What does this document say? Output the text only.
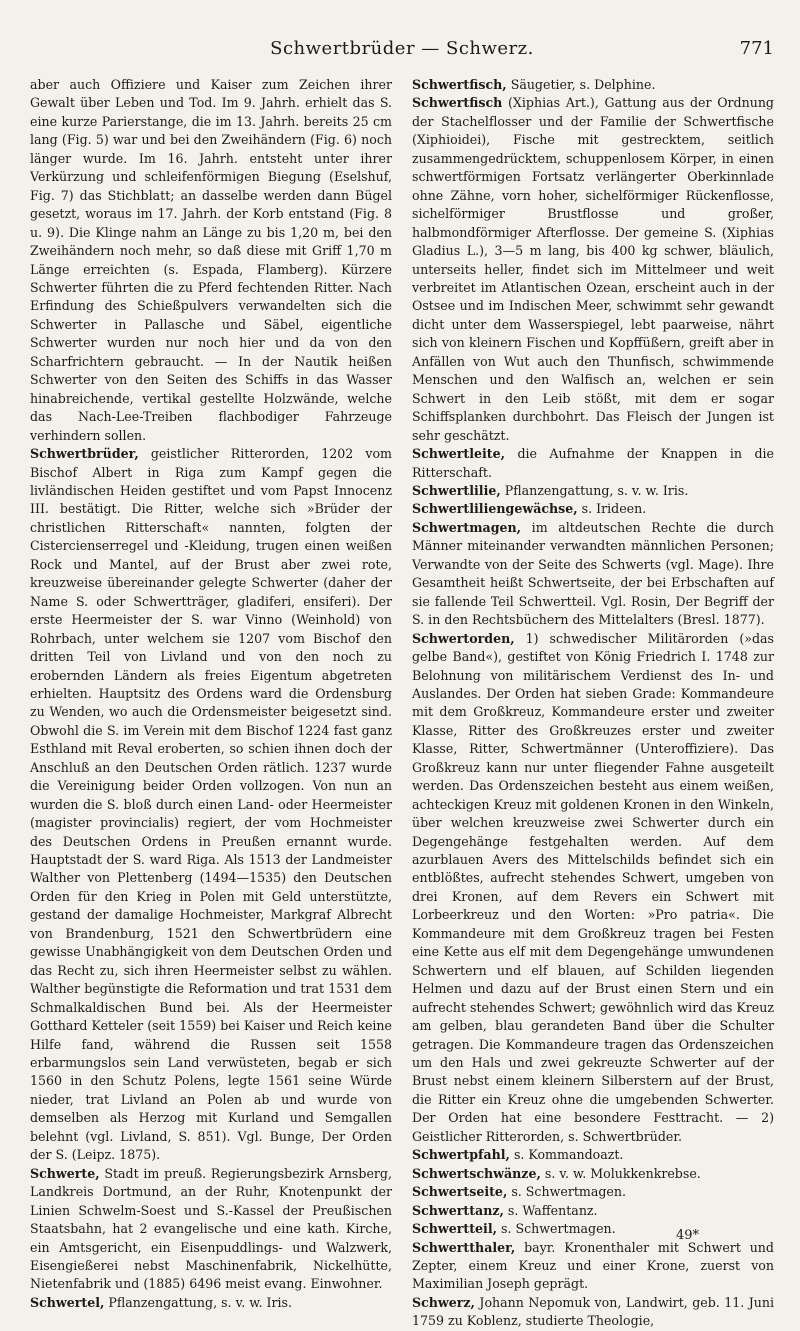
Schwertbrüder — Schwerz.	771

aber auch Offiziere und Kaiser zum Zeichen ihrer Gewalt über Leben und Tod. Im 9. Jahrh. erhielt das S. eine kurze Parierstange, die im 13. Jahrh. bereits 25 cm lang (Fig. 5) war und bei den Zweihändern (Fig. 6) noch länger wurde. Im 16. Jahrh. entsteht unter ihrer Verkürzung und schleifenförmigen Biegung (Eselshuf, Fig. 7) das Stichblatt; an dasselbe werden dann Bügel gesetzt, woraus im 17. Jahrh. der Korb entstand (Fig. 8 u. 9). Die Klinge nahm an Länge zu bis 1,20 m, bei den Zweihändern noch mehr, so daß diese mit Griff 1,70 m Länge erreichten (s. Espada, Flamberg). Kürzere Schwerter führten die zu Pferd fechtenden Ritter. Nach Erfindung des Schießpulvers verwandelten sich die Schwerter in Pallasche und Säbel, eigentliche Schwerter wurden nur noch hier und da von den Scharfrichtern gebraucht. — In der Nautik heißen Schwerter von den Seiten des Schiffs in das Wasser hinabreichende, vertikal gestellte Holzwände, welche das Nach-Lee-Treiben flachbodiger Fahrzeuge verhindern sollen.

Schwertbrüder, geistlicher Ritterorden, 1202 vom Bischof Albert in Riga zum Kampf gegen die livländischen Heiden gestiftet und vom Papst Innocenz III. bestätigt. Die Ritter, welche sich »Brüder der christlichen Ritterschaft« nannten, folgten der Cistercienserregel und -Kleidung, trugen einen weißen Rock und Mantel, auf der Brust aber zwei rote, kreuzweise übereinander gelegte Schwerter (daher der Name S. oder Schwertträger, gladiferi, ensiferi). Der erste Heermeister der S. war Vinno (Weinhold) von Rohrbach, unter welchem sie 1207 vom Bischof den dritten Teil von Livland und von den noch zu erobernden Ländern als freies Eigentum abgetreten erhielten. Hauptsitz des Ordens ward die Ordensburg zu Wenden, wo auch die Ordensmeister beigesetzt sind. Obwohl die S. im Verein mit dem Bischof 1224 fast ganz Esthland mit Reval eroberten, so schien ihnen doch der Anschluß an den Deutschen Orden rätlich. 1237 wurde die Vereinigung beider Orden vollzogen. Von nun an wurden die S. bloß durch einen Land- oder Heermeister (magister provincialis) regiert, der vom Hochmeister des Deutschen Ordens in Preußen ernannt wurde. Hauptstadt der S. ward Riga. Als 1513 der Landmeister Walther von Plettenberg (1494—1535) den Deutschen Orden für den Krieg in Polen mit Geld unterstützte, gestand der damalige Hochmeister, Markgraf Albrecht von Brandenburg, 1521 den Schwertbrüdern eine gewisse Unabhängigkeit von dem Deutschen Orden und das Recht zu, sich ihren Heermeister selbst zu wählen. Walther begünstigte die Reformation und trat 1531 dem Schmalkaldischen Bund bei. Als der Heermeister Gotthard Ketteler (seit 1559) bei Kaiser und Reich keine Hilfe fand, während die Russen seit 1558 erbarmungslos sein Land verwüsteten, begab er sich 1560 in den Schutz Polens, legte 1561 seine Würde nieder, trat Livland an Polen ab und wurde von demselben als Herzog mit Kurland und Semgallen belehnt (vgl. Livland, S. 851). Vgl. Bunge, Der Orden der S. (Leipz. 1875).

Schwerte, Stadt im preuß. Regierungsbezirk Arnsberg, Landkreis Dortmund, an der Ruhr, Knotenpunkt der Linien Schwelm-Soest und S.-Kassel der Preußischen Staatsbahn, hat 2 evangelische und eine kath. Kirche, ein Amtsgericht, ein Eisenpuddlings- und Walzwerk, Eisengießerei nebst Maschinenfabrik, Nickelhütte, Nietenfabrik und (1885) 6496 meist evang. Einwohner.

Schwertel, Pflanzengattung, s. v. w. Iris.

Schwertfisch, Säugetier, s. Delphine.

Schwertfisch (Xiphias Art.), Gattung aus der Ordnung der Stachelflosser und der Familie der Schwertfische (Xiphioidei), Fische mit gestrecktem, seitlich zusammengedrücktem, schuppenlosem Körper, in einen schwertförmigen Fortsatz verlängerter Oberkinnlade ohne Zähne, vorn hoher, sichelförmiger Rückenflosse, sichelförmiger Brustflosse und großer, halbmondförmiger Afterflosse. Der gemeine S. (Xiphias Gladius L.), 3—5 m lang, bis 400 kg schwer, bläulich, unterseits heller, findet sich im Mittelmeer und weit verbreitet im Atlantischen Ozean, erscheint auch in der Ostsee und im Indischen Meer, schwimmt sehr gewandt dicht unter dem Wasserspiegel, lebt paarweise, nährt sich von kleinern Fischen und Kopffüßern, greift aber in Anfällen von Wut auch den Thunfisch, schwimmende Menschen und den Walfisch an, welchen er sein Schwert in den Leib stößt, mit dem er sogar Schiffsplanken durchbohrt. Das Fleisch der Jungen ist sehr geschätzt.

Schwertleite, die Aufnahme der Knappen in die Ritterschaft.

Schwertlilie, Pflanzengattung, s. v. w. Iris.

Schwertliliengewächse, s. Irideen.

Schwertmagen, im altdeutschen Rechte die durch Männer miteinander verwandten männlichen Personen; Verwandte von der Seite des Schwerts (vgl. Mage). Ihre Gesamtheit heißt Schwertseite, der bei Erbschaften auf sie fallende Teil Schwertteil. Vgl. Rosin, Der Begriff der S. in den Rechtsbüchern des Mittelalters (Bresl. 1877).

Schwertorden, 1) schwedischer Militärorden (»das gelbe Band«), gestiftet von König Friedrich I. 1748 zur Belohnung von militärischem Verdienst des In- und Auslandes. Der Orden hat sieben Grade: Kommandeure mit dem Großkreuz, Kommandeure erster und zweiter Klasse, Ritter des Großkreuzes erster und zweiter Klasse, Ritter, Schwertmänner (Unteroffiziere). Das Großkreuz kann nur unter fliegender Fahne ausgeteilt werden. Das Ordenszeichen besteht aus einem weißen, achteckigen Kreuz mit goldenen Kronen in den Winkeln, über welchen kreuzweise zwei Schwerter durch ein Degengehänge festgehalten werden. Auf dem azurblauen Avers des Mittelschilds befindet sich ein entblößtes, aufrecht stehendes Schwert, umgeben von drei Kronen, auf dem Revers ein Schwert mit Lorbeerkreuz und den Worten: »Pro patria«. Die Kommandeure mit dem Großkreuz tragen bei Festen eine Kette aus elf mit dem Degengehänge umwundenen Schwertern und elf blauen, auf Schilden liegenden Helmen und dazu auf der Brust einen Stern und ein aufrecht stehendes Schwert; gewöhnlich wird das Kreuz am gelben, blau gerandeten Band über die Schulter getragen. Die Kommandeure tragen das Ordenszeichen um den Hals und zwei gekreuzte Schwerter auf der Brust nebst einem kleinern Silberstern auf der Brust, die Ritter ein Kreuz ohne die umgebenden Schwerter. Der Orden hat eine besondere Festtracht. — 2) Geistlicher Ritterorden, s. Schwertbrüder.

Schwertpfahl, s. Kommandoazt.

Schwertschwänze, s. v. w. Molukkenkrebse.

Schwertseite, s. Schwertmagen.

Schwerttanz, s. Waffentanz.

Schwertteil, s. Schwertmagen.

Schwertthaler, bayr. Kronenthaler mit Schwert und Zepter, einem Kreuz und einer Krone, zuerst von Maximilian Joseph geprägt.

Schwerz, Johann Nepomuk von, Landwirt, geb. 11. Juni 1759 zu Koblenz, studierte Theologie,

49*
